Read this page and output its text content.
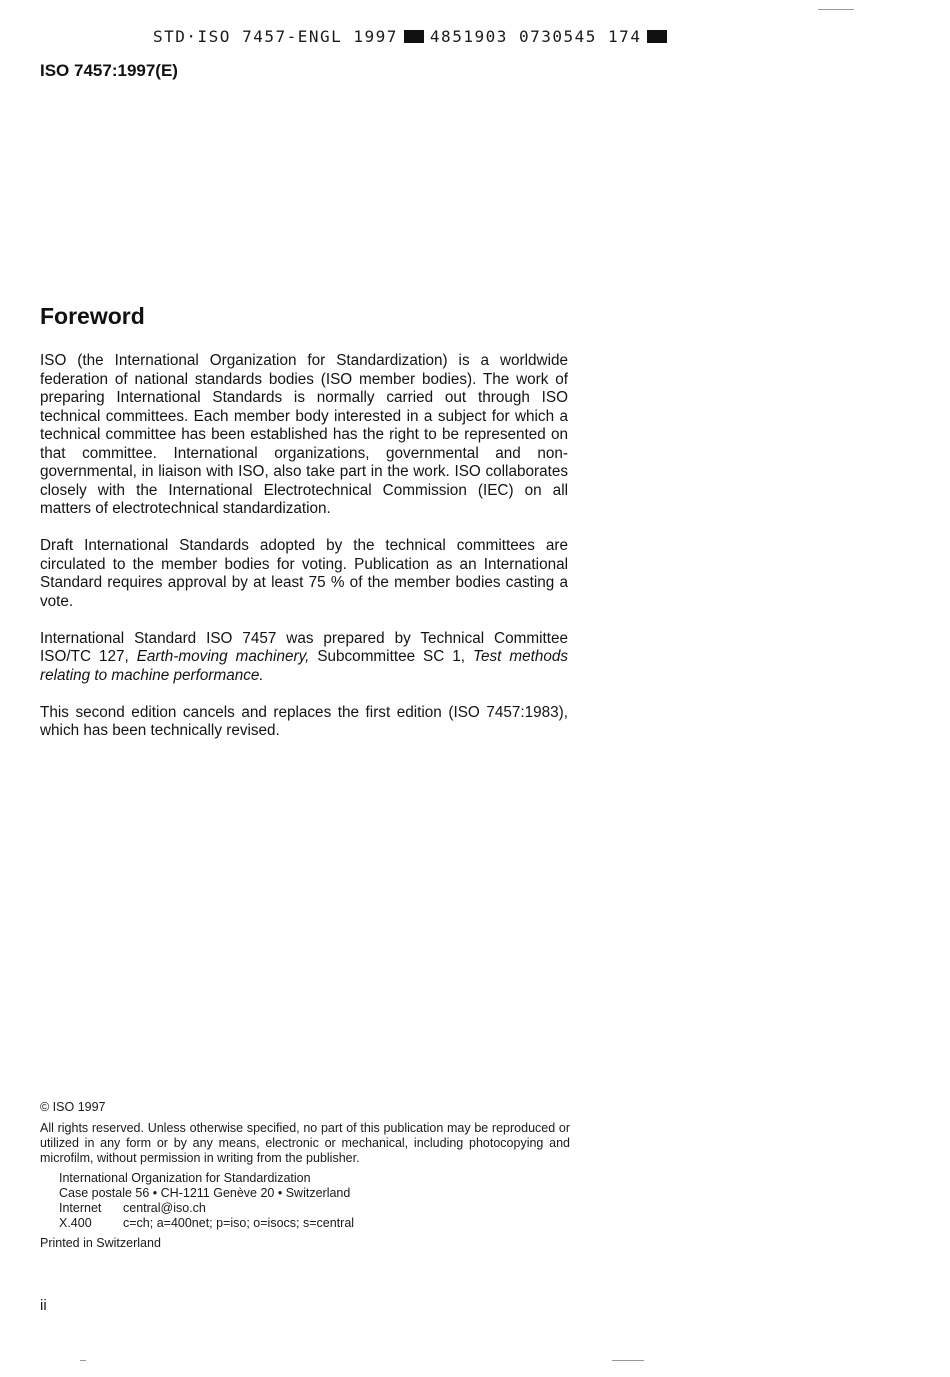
STD·ISO 7457-ENGL 1997 4851903 0730545 174
ISO 7457:1997(E)
Foreword

ISO (the International Organization for Standardization) is a worldwide federation of national standards bodies (ISO member bodies). The work of preparing International Standards is normally carried out through ISO technical committees. Each member body interested in a subject for which a technical committee has been established has the right to be represented on that committee. International organizations, governmental and non-governmental, in liaison with ISO, also take part in the work. ISO collaborates closely with the International Electrotechnical Commission (IEC) on all matters of electrotechnical standardization.

Draft International Standards adopted by the technical committees are circulated to the member bodies for voting. Publication as an International Standard requires approval by at least 75 % of the member bodies casting a vote.

International Standard ISO 7457 was prepared by Technical Committee ISO/TC 127, Earth-moving machinery, Subcommittee SC 1, Test methods relating to machine performance.

This second edition cancels and replaces the first edition (ISO 7457:1983), which has been technically revised.

© ISO 1997

All rights reserved. Unless otherwise specified, no part of this publication may be reproduced or utilized in any form or by any means, electronic or mechanical, including photocopying and microfilm, without permission in writing from the publisher.

International Organization for Standardization

Case postale 56 • CH-1211 Genève 20 • Switzerland

Internet	central@iso.ch
X.400	c=ch; a=400net; p=iso; o=isocs; s=central

Printed in Switzerland

ii
